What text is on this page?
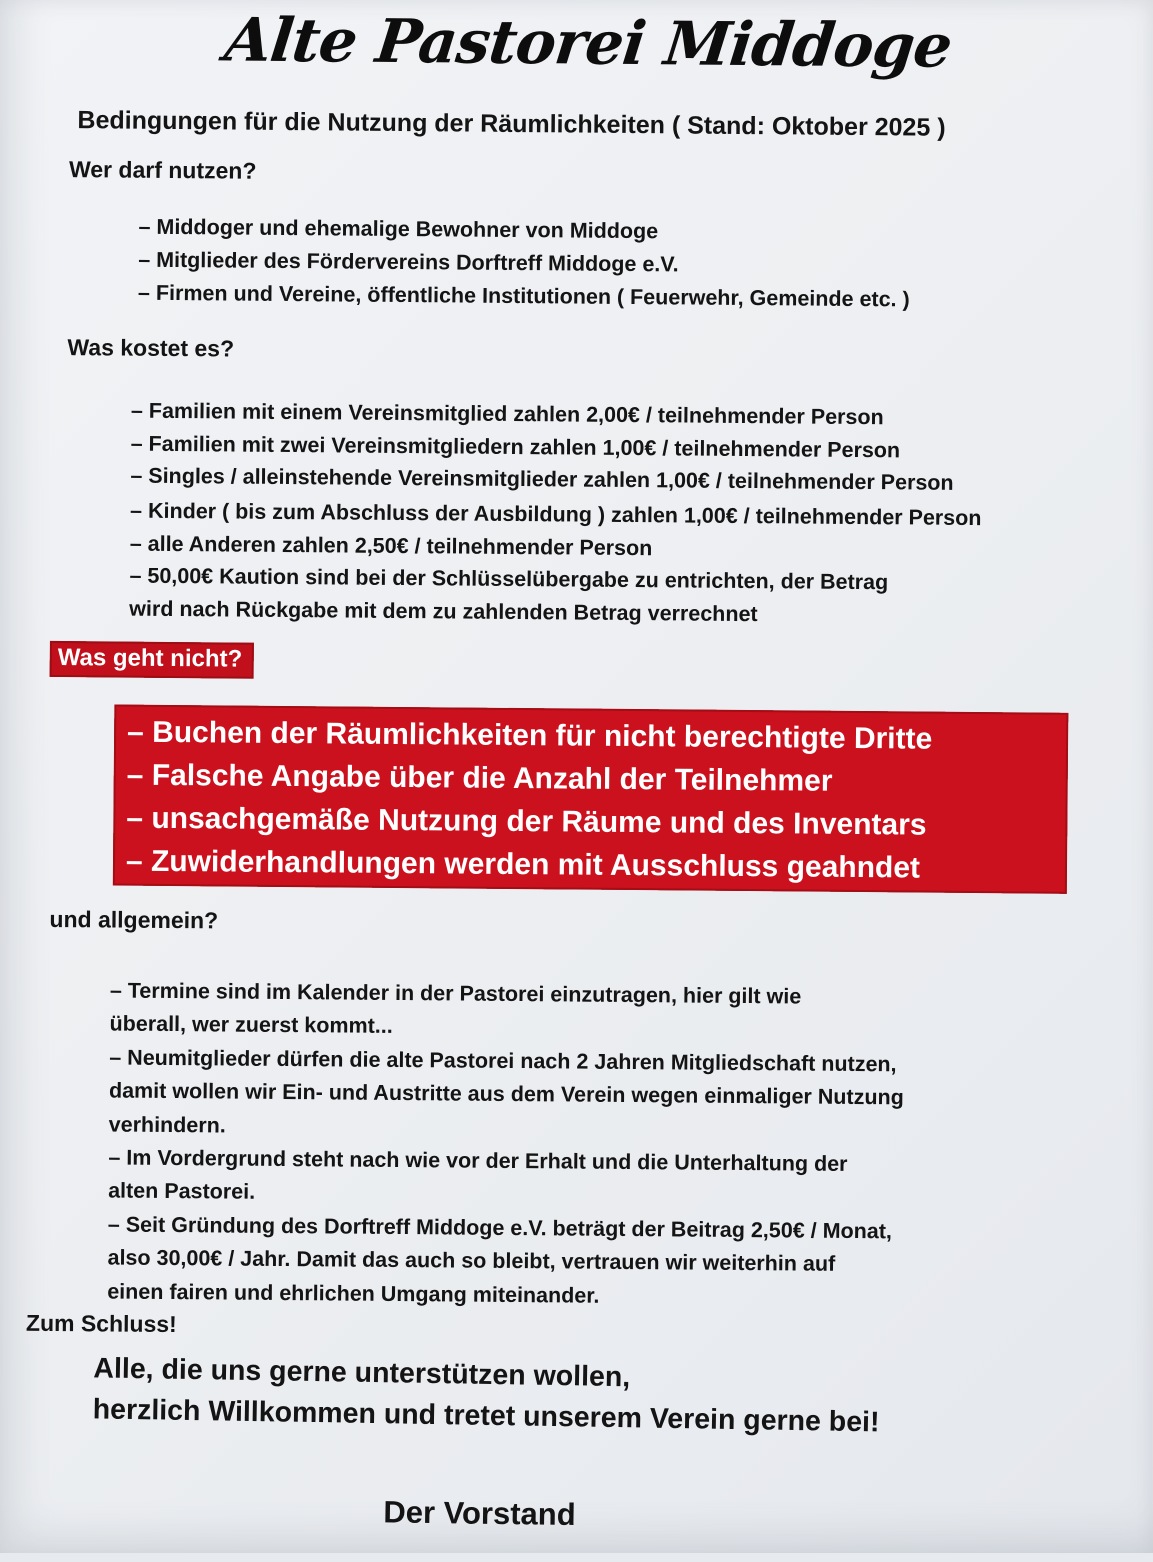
Alte Pastorei Middoge
Bedingungen für die Nutzung der Räumlichkeiten ( Stand: Oktober 2025 )
Wer darf nutzen?
– Middoger und ehemalige Bewohner von Middoge
– Mitglieder des Fördervereins Dorftreff Middoge e.V.
– Firmen und Vereine, öffentliche Institutionen ( Feuerwehr, Gemeinde etc. )
Was kostet es?
– Familien mit einem Vereinsmitglied zahlen 2,00€ / teilnehmender Person
– Familien mit zwei Vereinsmitgliedern zahlen 1,00€ / teilnehmender Person
– Singles / alleinstehende Vereinsmitglieder zahlen 1,00€ / teilnehmender Person
– Kinder ( bis zum Abschluss der Ausbildung ) zahlen 1,00€ / teilnehmender Person
– alle Anderen zahlen 2,50€ / teilnehmender Person
– 50,00€ Kaution sind bei der Schlüsselübergabe zu entrichten, der Betrag
wird nach Rückgabe mit dem zu zahlenden Betrag verrechnet
Was geht nicht?
– Buchen der Räumlichkeiten für nicht berechtigte Dritte
– Falsche Angabe über die Anzahl der Teilnehmer
– unsachgemäße Nutzung der Räume und des Inventars
– Zuwiderhandlungen werden mit Ausschluss geahndet
und allgemein?
– Termine sind im Kalender in der Pastorei einzutragen, hier gilt wie
überall, wer zuerst kommt...
– Neumitglieder dürfen die alte Pastorei nach 2 Jahren Mitgliedschaft nutzen,
damit wollen wir Ein- und Austritte aus dem Verein wegen einmaliger Nutzung
verhindern.
– Im Vordergrund steht nach wie vor der Erhalt und die Unterhaltung der
alten Pastorei.
– Seit Gründung des Dorftreff Middoge e.V. beträgt der Beitrag 2,50€ / Monat,
also 30,00€ / Jahr. Damit das auch so bleibt, vertrauen wir weiterhin auf
einen fairen und ehrlichen Umgang miteinander.
Zum Schluss!
Alle, die uns gerne unterstützen wollen,
herzlich Willkommen und tretet unserem Verein gerne bei!
Der Vorstand
